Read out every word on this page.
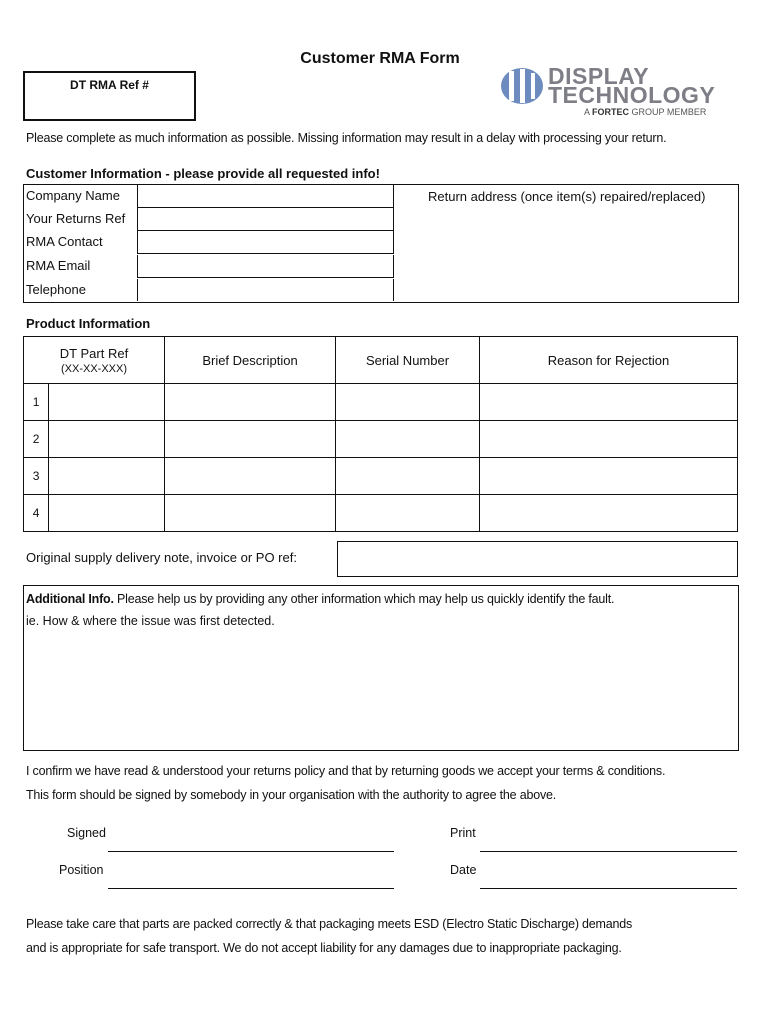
Customer RMA Form
DT RMA Ref #	DISPLAY
TECHNOLOGY
A FORTEC GROUP MEMBER
Please complete as much information as possible. Missing information may result in a delay with processing your return.
Customer Information - please provide all requested info!
Company Name
Your Returns Ref
RMA Contact
RMA Email
Telephone
Return address (once item(s) repaired/replaced)
Product Information
DT Part Ref
(XX-XX-XXX)		Brief Description	Serial Number	Reason for Rejection
1				
2				
3				
4				
Original supply delivery note, invoice or PO ref:
Additional Info. Please help us by providing any other information which may help us quickly identify the fault.
ie. How & where the issue was first detected.
I confirm we have read & understood your returns policy and that by returning goods we accept your terms & conditions.
This form should be signed by somebody in your organisation with the authority to agree the above.
Signed	Print
Position	Date
Please take care that parts are packed correctly & that packaging meets ESD (Electro Static Discharge) demands
and is appropriate for safe transport. We do not accept liability for any damages due to inappropriate packaging.
